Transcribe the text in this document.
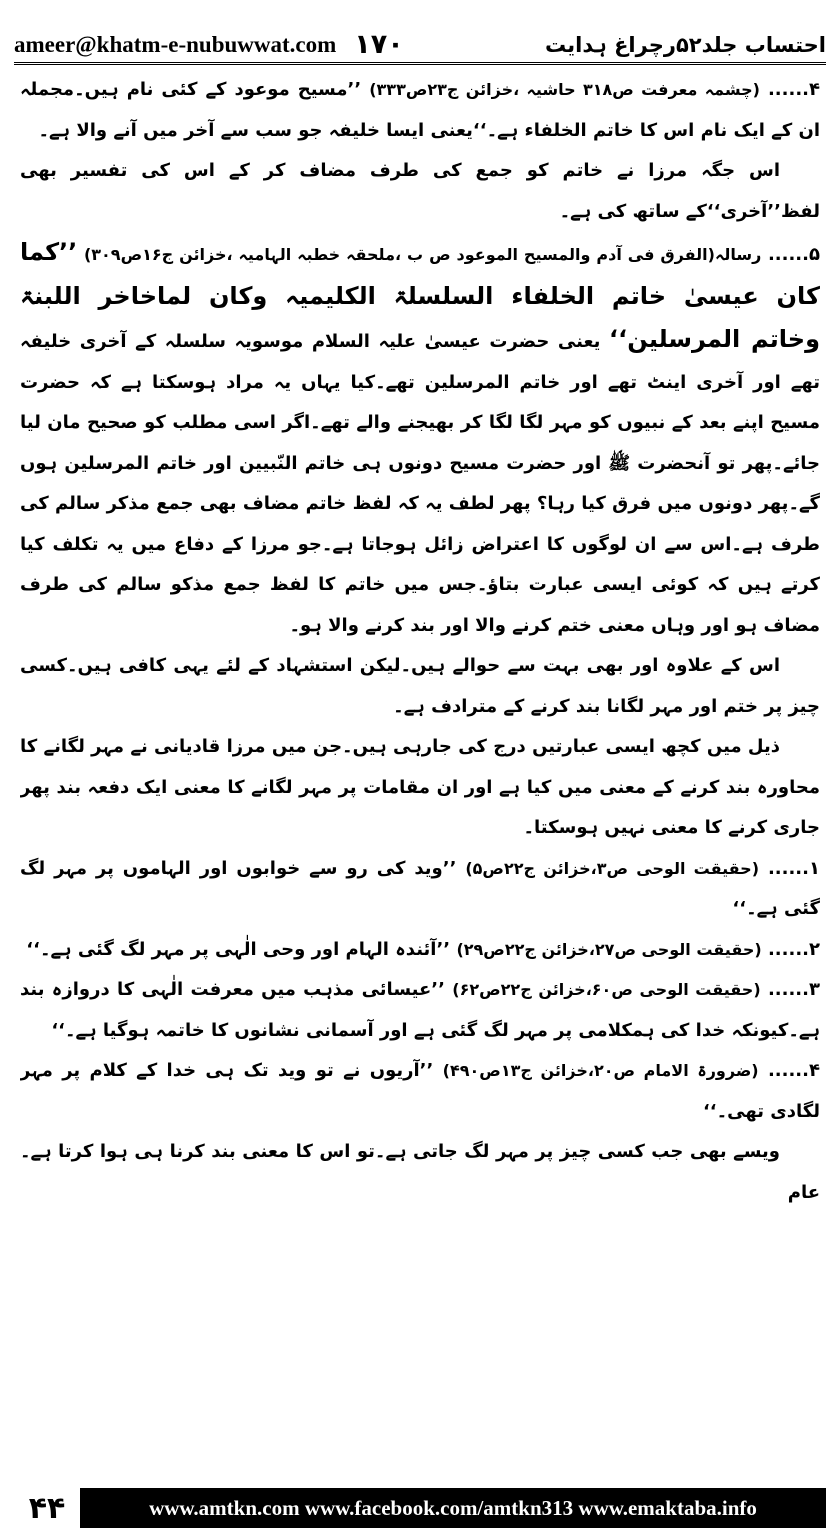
ameer@khatm-e-nubuwwat.com ۱۷۰	احتساب جلد۵۲رچراغ ہدایت

۴...... (چشمہ معرفت ص۳۱۸ حاشیہ ،خزائن ج۲۳ص۳۳۳) ’’مسیح موعود کے کئی نام ہیں۔مجملہ ان کے ایک نام اس کا خاتم الخلفاء ہے۔‘‘یعنی ایسا خلیفہ جو سب سے آخر میں آنے والا ہے۔

اس جگہ مرزا نے خاتم کو جمع کی طرف مضاف کر کے اس کی تفسیر بھی لفظ’’آخری‘‘کے ساتھ کی ہے۔

۵...... رسالہ(الفرق فی آدم والمسیح الموعود ص ب ،ملحقہ خطبہ الہامیہ ،خزائن ج۱۶ص۳۰۹) ’’کما کان عیسیٰ خاتم الخلفاء السلسلۃ الکلیمیہ وکان لماخاخر اللبنۃ وخاتم المرسلین‘‘ یعنی حضرت عیسیٰ علیہ السلام موسویہ سلسلہ کے آخری خلیفہ تھے اور آخری اینٹ تھے اور خاتم المرسلین تھے۔کیا یہاں یہ مراد ہوسکتا ہے کہ حضرت مسیح اپنے بعد کے نبیوں کو مہر لگا لگا کر بھیجنے والے تھے۔اگر اسی مطلب کو صحیح مان لیا جائے۔پھر تو آنحضرت ﷺ اور حضرت مسیح دونوں ہی خاتم النّبیین اور خاتم المرسلین ہوں گے۔پھر دونوں میں فرق کیا رہا؟ پھر لطف یہ کہ لفظ خاتم مضاف بھی جمع مذکر سالم کی طرف ہے۔اس سے ان لوگوں کا اعتراض زائل ہوجاتا ہے۔جو مرزا کے دفاع میں یہ تکلف کیا کرتے ہیں کہ کوئی ایسی عبارت بتاؤ۔جس میں خاتم کا لفظ جمع مذکو سالم کی طرف مضاف ہو اور وہاں معنی ختم کرنے والا اور بند کرنے والا ہو۔

اس کے علاوہ اور بھی بہت سے حوالے ہیں۔لیکن استشہاد کے لئے یہی کافی ہیں۔کسی چیز پر ختم اور مہر لگانا بند کرنے کے مترادف ہے۔

ذیل میں کچھ ایسی عبارتیں درج کی جارہی ہیں۔جن میں مرزا قادیانی نے مہر لگانے کا محاورہ بند کرنے کے معنی میں کیا ہے اور ان مقامات پر مہر لگانے کا معنی ایک دفعہ بند پھر جاری کرنے کا معنی نہیں ہوسکتا۔

۱...... (حقیقت الوحی ص۳،خزائن ج۲۲ص۵) ’’وید کی رو سے خوابوں اور الہاموں پر مہر لگ گئی ہے۔‘‘

۲...... (حقیقت الوحی ص۲۷،خزائن ج۲۲ص۲۹) ’’آئندہ الہام اور وحی الٰہی پر مہر لگ گئی ہے۔‘‘

۳...... (حقیقت الوحی ص۶۰،خزائن ج۲۲ص۶۲) ’’عیسائی مذہب میں معرفت الٰہی کا دروازہ بند ہے۔کیونکہ خدا کی ہمکلامی پر مہر لگ گئی ہے اور آسمانی نشانوں کا خاتمہ ہوگیا ہے۔‘‘

۴...... (ضرورۃ الامام ص۲۰،خزائن ج۱۳ص۴۹۰) ’’آریوں نے تو وید تک ہی خدا کے کلام پر مہر لگادی تھی۔‘‘

ویسے بھی جب کسی چیز پر مہر لگ جاتی ہے۔تو اس کا معنی بند کرنا ہی ہوا کرتا ہے۔عام

۴۴	www.amtkn.com www.facebook.com/amtkn313 www.emaktaba.info
